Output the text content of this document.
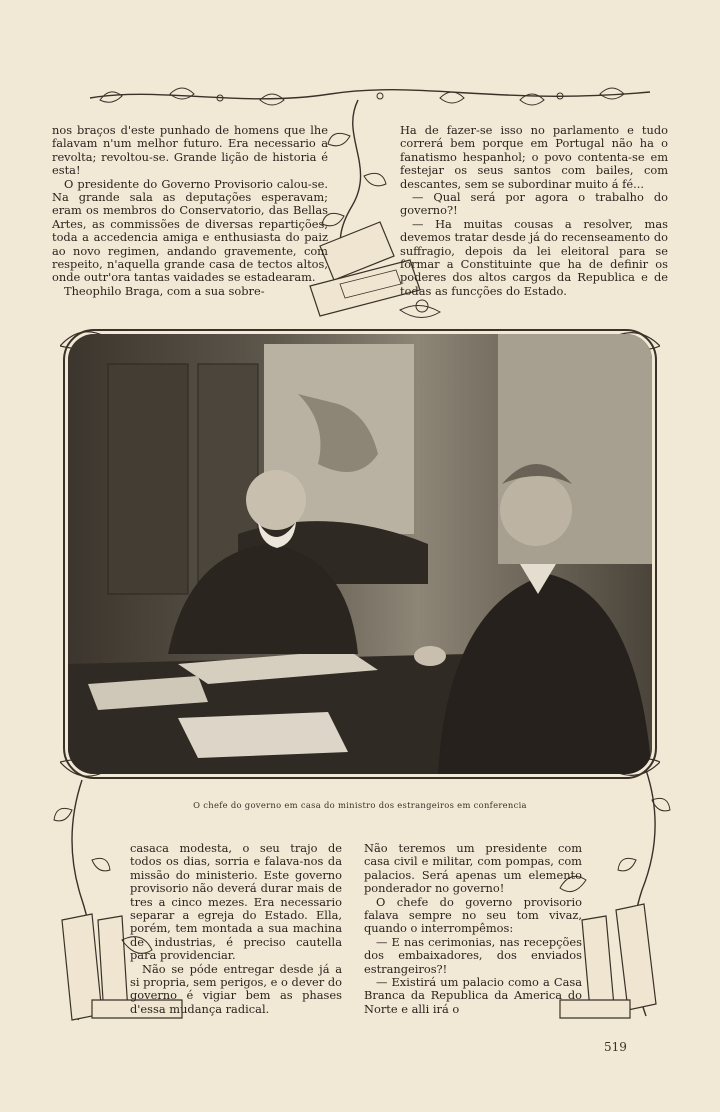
nos braços d'este punhado de homens que lhe falavam n'um melhor futuro. Era necessario a revolta; revoltou-se. Grande lição de historia é esta!

O presidente do Governo Provisorio calou-se. Na grande sala as deputações esperavam; eram os membros do Conservatorio, das Bellas Artes, as commissões de diversas repartições, toda a accedencia amiga e enthusiasta do paiz ao novo regimen, andando gravemente, com respeito, n'aquella grande casa de tectos altos, onde outr'ora tantas vaidades se estadearam.

Theophilo Braga, com a sua sobre-

Ha de fazer-se isso no parlamento e tudo correrá bem porque em Portugal não ha o fanatismo hespanhol; o povo contenta-se em festejar os seus santos com bailes, com descantes, sem se subordinar muito á fé...

— Qual será por agora o trabalho do governo?!

— Ha muitas cousas a resolver, mas devemos tratar desde já do recenseamento do suffragio, depois da lei eleitoral para se formar a Constituinte que ha de definir os poderes dos altos cargos da Republica e de todas as funcções do Estado.

O chefe do governo em casa do ministro dos estrangeiros em conferencia

casaca modesta, o seu trajo de todos os dias, sorria e falava-nos da missão do ministerio. Este governo provisorio não deverá durar mais de tres a cinco mezes. Era necessario separar a egreja do Estado. Ella, porém, tem montada a sua machina de industrias, é preciso cautella para providenciar.

Não se póde entregar desde já a si propria, sem perigos, e o dever do governo é vigiar bem as phases d'essa mudança radical.

Não teremos um presidente com casa civil e militar, com pompas, com palacios. Será apenas um elemento ponderador no governo!

O chefe do governo provisorio falava sempre no seu tom vivaz, quando o interrompêmos:

— E nas cerimonias, nas recepções dos embaixadores, dos enviados estrangeiros?!

— Existirá um palacio como a Casa Branca da Republica da America do Norte e alli irá o

519
